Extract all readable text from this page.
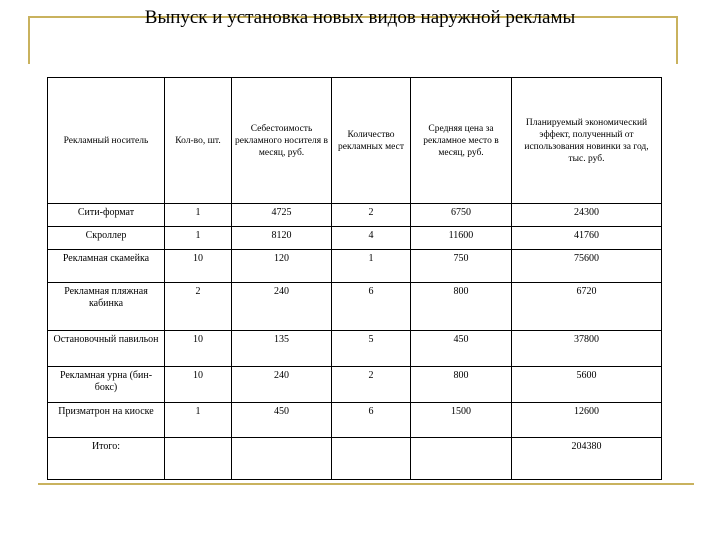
Выпуск и установка новых видов наружной рекламы
Рекламный носитель	Кол-во, шт.	Себестоимость рекламного носителя в месяц, руб.	Количество рекламных мест	Средняя цена за рекламное место в месяц, руб.	Планируемый экономический эффект, полученный от использования новинки за год, тыс. руб.
Сити-формат	1	4725	2	6750	24300
Скроллер	1	8120	4	11600	41760
Рекламная скамейка	10	120	1	750	75600
Рекламная пляжная кабинка	2	240	6	800	6720
Остановочный павильон	10	135	5	450	37800
Рекламная урна (бин-бокс)	10	240	2	800	5600
Призматрон на киоске	1	450	6	1500	12600
Итого:					204380
